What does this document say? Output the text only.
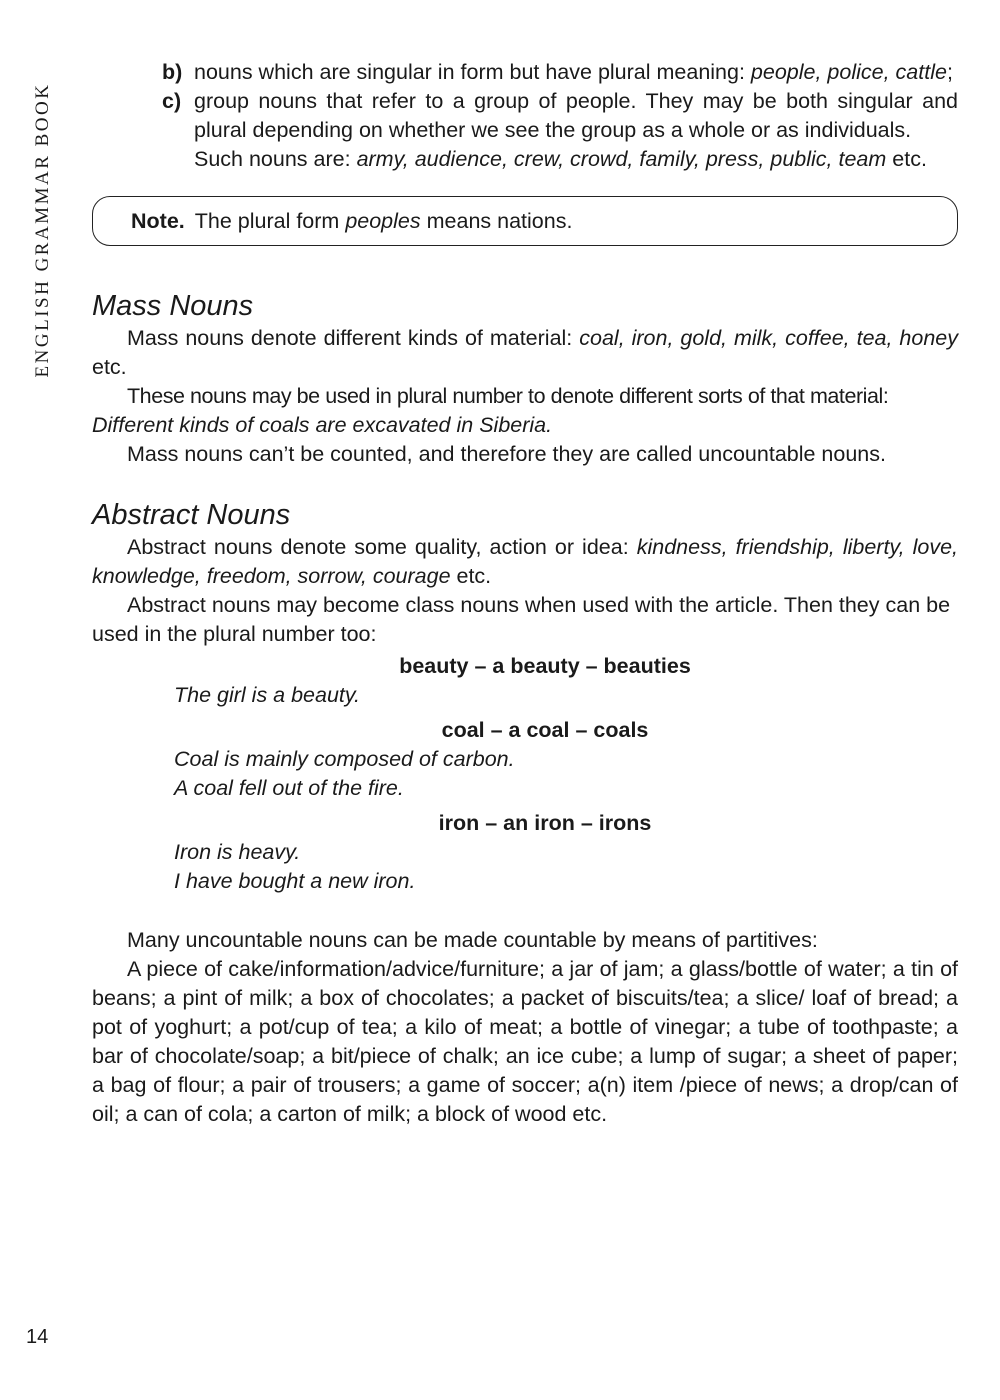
ENGLISH GRAMMAR BOOK
14
b) nouns which are singular in form but have plural meaning: people, police, cattle;
c) group nouns that refer to a group of people. They may be both singular and plural depending on whether we see the group as a whole or as individuals.
Such nouns are: army, audience, crew, crowd, family, press, public, team etc.
Note. The plural form peoples means nations.
Mass Nouns

Mass nouns denote different kinds of material: coal, iron, gold, milk, coffee, tea, honey etc.

These nouns may be used in plural number to denote different sorts of that material:

Different kinds of coals are excavated in Siberia.

Mass nouns can’t be counted, and therefore they are called uncountable nouns.

Abstract Nouns

Abstract nouns denote some quality, action or idea: kindness, friendship, liberty, love, knowledge, freedom, sorrow, courage etc.

Abstract nouns may become class nouns when used with the article. Then they can be used in the plural number too:

beauty – a beauty – beauties
The girl is a beauty.
coal – a coal – coals
Coal is mainly composed of carbon.
A coal fell out of the fire.
iron – an iron – irons
Iron is heavy.
I have bought a new iron.

Many uncountable nouns can be made countable by means of partitives:

A piece of cake/information/advice/furniture; a jar of jam; a glass/bottle of water; a tin of beans; a pint of milk; a box of chocolates; a packet of biscuits/tea; a slice/ loaf of bread; a pot of yoghurt; a pot/cup of tea; a kilo of meat; a bottle of vinegar; a tube of toothpaste; a bar of chocolate/soap; a bit/piece of chalk; an ice cube; a lump of sugar; a sheet of paper; a bag of flour; a pair of trousers; a game of soccer; a(n) item /piece of news; a drop/can of oil; a can of cola; a carton of milk; a block of wood etc.
